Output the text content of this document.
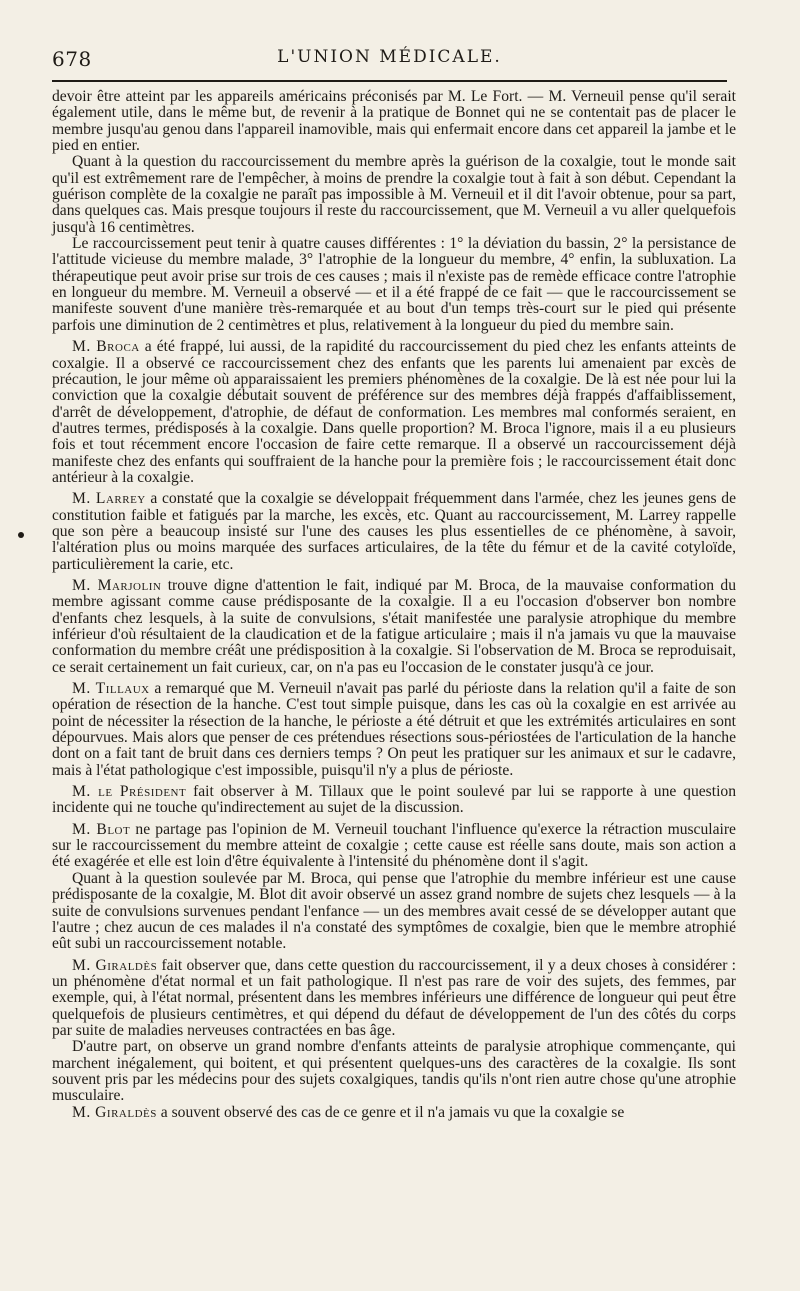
678	L'UNION MÉDICALE.

devoir être atteint par les appareils américains préconisés par M. Le Fort. — M. Verneuil pense qu'il serait également utile, dans le même but, de revenir à la pratique de Bonnet qui ne se contentait pas de placer le membre jusqu'au genou dans l'appareil inamovible, mais qui enfermait encore dans cet appareil la jambe et le pied en entier.

Quant à la question du raccourcissement du membre après la guérison de la coxalgie, tout le monde sait qu'il est extrêmement rare de l'empêcher, à moins de prendre la coxalgie tout à fait à son début. Cependant la guérison complète de la coxalgie ne paraît pas impossible à M. Verneuil et il dit l'avoir obtenue, pour sa part, dans quelques cas. Mais presque toujours il reste du raccourcissement, que M. Verneuil a vu aller quelquefois jusqu'à 16 centimètres.

Le raccourcissement peut tenir à quatre causes différentes : 1° la déviation du bassin, 2° la persistance de l'attitude vicieuse du membre malade, 3° l'atrophie de la longueur du membre, 4° enfin, la subluxation. La thérapeutique peut avoir prise sur trois de ces causes ; mais il n'existe pas de remède efficace contre l'atrophie en longueur du membre. M. Verneuil a observé — et il a été frappé de ce fait — que le raccourcissement se manifeste souvent d'une manière très-remarquée et au bout d'un temps très-court sur le pied qui présente parfois une diminution de 2 centimètres et plus, relativement à la longueur du pied du membre sain.

M. Broca a été frappé, lui aussi, de la rapidité du raccourcissement du pied chez les enfants atteints de coxalgie. Il a observé ce raccourcissement chez des enfants que les parents lui amenaient par excès de précaution, le jour même où apparaissaient les premiers phénomènes de la coxalgie. De là est née pour lui la conviction que la coxalgie débutait souvent de préférence sur des membres déjà frappés d'affaiblissement, d'arrêt de développement, d'atrophie, de défaut de conformation. Les membres mal conformés seraient, en d'autres termes, prédisposés à la coxalgie. Dans quelle proportion? M. Broca l'ignore, mais il a eu plusieurs fois et tout récemment encore l'occasion de faire cette remarque. Il a observé un raccourcissement déjà manifeste chez des enfants qui souffraient de la hanche pour la première fois ; le raccourcissement était donc antérieur à la coxalgie.

M. Larrey a constaté que la coxalgie se développait fréquemment dans l'armée, chez les jeunes gens de constitution faible et fatigués par la marche, les excès, etc. Quant au raccourcissement, M. Larrey rappelle que son père a beaucoup insisté sur l'une des causes les plus essentielles de ce phénomène, à savoir, l'altération plus ou moins marquée des surfaces articulaires, de la tête du fémur et de la cavité cotyloïde, particulièrement la carie, etc.

M. Marjolin trouve digne d'attention le fait, indiqué par M. Broca, de la mauvaise conformation du membre agissant comme cause prédisposante de la coxalgie. Il a eu l'occasion d'observer bon nombre d'enfants chez lesquels, à la suite de convulsions, s'était manifestée une paralysie atrophique du membre inférieur d'où résultaient de la claudication et de la fatigue articulaire ; mais il n'a jamais vu que la mauvaise conformation du membre créât une prédisposition à la coxalgie. Si l'observation de M. Broca se reproduisait, ce serait certainement un fait curieux, car, on n'a pas eu l'occasion de le constater jusqu'à ce jour.

M. Tillaux a remarqué que M. Verneuil n'avait pas parlé du périoste dans la relation qu'il a faite de son opération de résection de la hanche. C'est tout simple puisque, dans les cas où la coxalgie en est arrivée au point de nécessiter la résection de la hanche, le périoste a été détruit et que les extrémités articulaires en sont dépourvues. Mais alors que penser de ces prétendues résections sous-périostées de l'articulation de la hanche dont on a fait tant de bruit dans ces derniers temps ? On peut les pratiquer sur les animaux et sur le cadavre, mais à l'état pathologique c'est impossible, puisqu'il n'y a plus de périoste.

M. le Président fait observer à M. Tillaux que le point soulevé par lui se rapporte à une question incidente qui ne touche qu'indirectement au sujet de la discussion.

M. Blot ne partage pas l'opinion de M. Verneuil touchant l'influence qu'exerce la rétraction musculaire sur le raccourcissement du membre atteint de coxalgie ; cette cause est réelle sans doute, mais son action a été exagérée et elle est loin d'être équivalente à l'intensité du phénomène dont il s'agit.

Quant à la question soulevée par M. Broca, qui pense que l'atrophie du membre inférieur est une cause prédisposante de la coxalgie, M. Blot dit avoir observé un assez grand nombre de sujets chez lesquels — à la suite de convulsions survenues pendant l'enfance — un des membres avait cessé de se développer autant que l'autre ; chez aucun de ces malades il n'a constaté des symptômes de coxalgie, bien que le membre atrophié eût subi un raccourcissement notable.

M. Giraldès fait observer que, dans cette question du raccourcissement, il y a deux choses à considérer : un phénomène d'état normal et un fait pathologique. Il n'est pas rare de voir des sujets, des femmes, par exemple, qui, à l'état normal, présentent dans les membres inférieurs une différence de longueur qui peut être quelquefois de plusieurs centimètres, et qui dépend du défaut de développement de l'un des côtés du corps par suite de maladies nerveuses contractées en bas âge.

D'autre part, on observe un grand nombre d'enfants atteints de paralysie atrophique commençante, qui marchent inégalement, qui boitent, et qui présentent quelques-uns des caractères de la coxalgie. Ils sont souvent pris par les médecins pour des sujets coxalgiques, tandis qu'ils n'ont rien autre chose qu'une atrophie musculaire.

M. Giraldès a souvent observé des cas de ce genre et il n'a jamais vu que la coxalgie se
